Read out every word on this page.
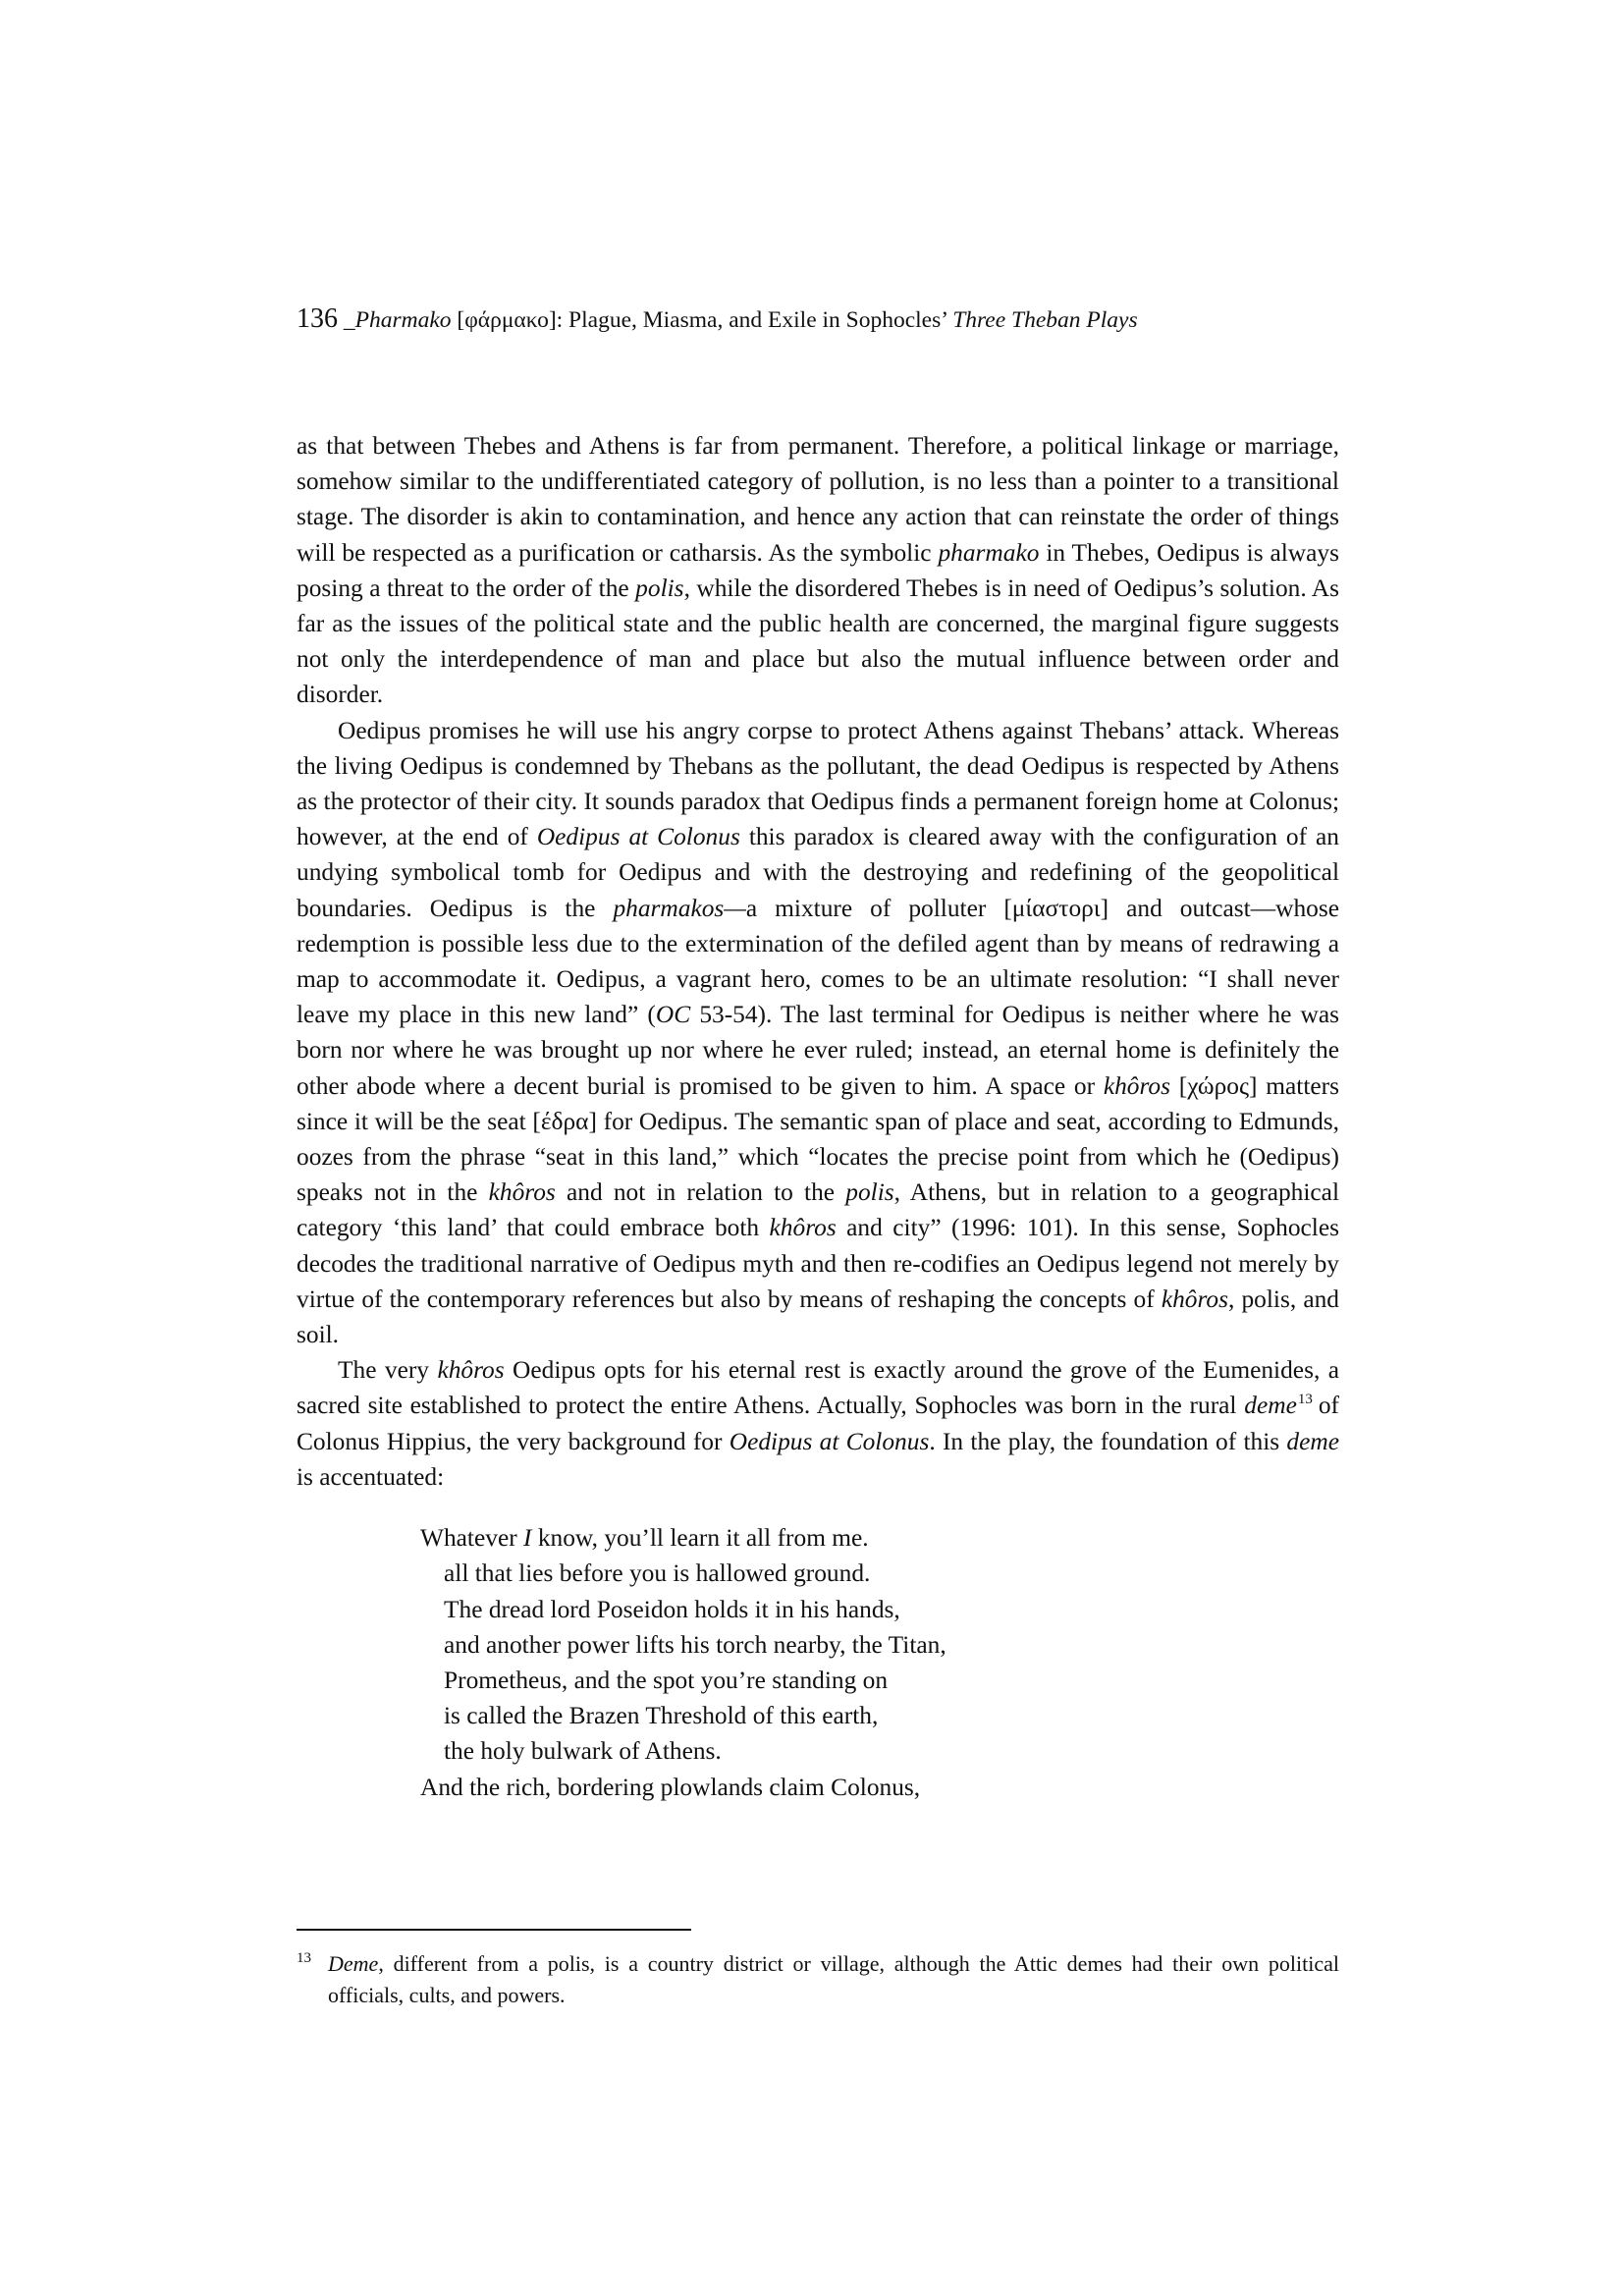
136 _Pharmako [φάρμακο]: Plague, Miasma, and Exile in Sophocles’ Three Theban Plays

as that between Thebes and Athens is far from permanent. Therefore, a political linkage or marriage, somehow similar to the undifferentiated category of pollution, is no less than a pointer to a transitional stage. The disorder is akin to contamination, and hence any action that can reinstate the order of things will be respected as a purification or catharsis. As the symbolic pharmako in Thebes, Oedipus is always posing a threat to the order of the polis, while the disordered Thebes is in need of Oedipus’s solution. As far as the issues of the political state and the public health are concerned, the marginal figure suggests not only the interdependence of man and place but also the mutual influence between order and disorder.

Oedipus promises he will use his angry corpse to protect Athens against Thebans’ attack. Whereas the living Oedipus is condemned by Thebans as the pollutant, the dead Oedipus is respected by Athens as the protector of their city. It sounds paradox that Oedipus finds a permanent foreign home at Colonus; however, at the end of Oedipus at Colonus this paradox is cleared away with the configuration of an undying symbolical tomb for Oedipus and with the destroying and redefining of the geopolitical boundaries. Oedipus is the pharmakos—a mixture of polluter [μίαστορι] and outcast—whose redemption is possible less due to the extermination of the defiled agent than by means of redrawing a map to accommodate it. Oedipus, a vagrant hero, comes to be an ultimate resolution: “I shall never leave my place in this new land” (OC 53-54). The last terminal for Oedipus is neither where he was born nor where he was brought up nor where he ever ruled; instead, an eternal home is definitely the other abode where a decent burial is promised to be given to him. A space or khôros [χώρος] matters since it will be the seat [έδρα] for Oedipus. The semantic span of place and seat, according to Edmunds, oozes from the phrase “seat in this land,” which “locates the precise point from which he (Oedipus) speaks not in the khôros and not in relation to the polis, Athens, but in relation to a geographical category ‘this land’ that could embrace both khôros and city” (1996: 101). In this sense, Sophocles decodes the traditional narrative of Oedipus myth and then re-codifies an Oedipus legend not merely by virtue of the contemporary references but also by means of reshaping the concepts of khôros, polis, and soil.

The very khôros Oedipus opts for his eternal rest is exactly around the grove of the Eumenides, a sacred site established to protect the entire Athens. Actually, Sophocles was born in the rural deme$^{13}$ of Colonus Hippius, the very background for Oedipus at Colonus. In the play, the foundation of this deme is accentuated:

Whatever I know, you’ll learn it all from me.
all that lies before you is hallowed ground.
The dread lord Poseidon holds it in his hands,
and another power lifts his torch nearby, the Titan,
Prometheus, and the spot you’re standing on
is called the Brazen Threshold of this earth,
the holy bulwark of Athens.
And the rich, bordering plowlands claim Colonus,
13 Deme, different from a polis, is a country district or village, although the Attic demes had their own political officials, cults, and powers.
